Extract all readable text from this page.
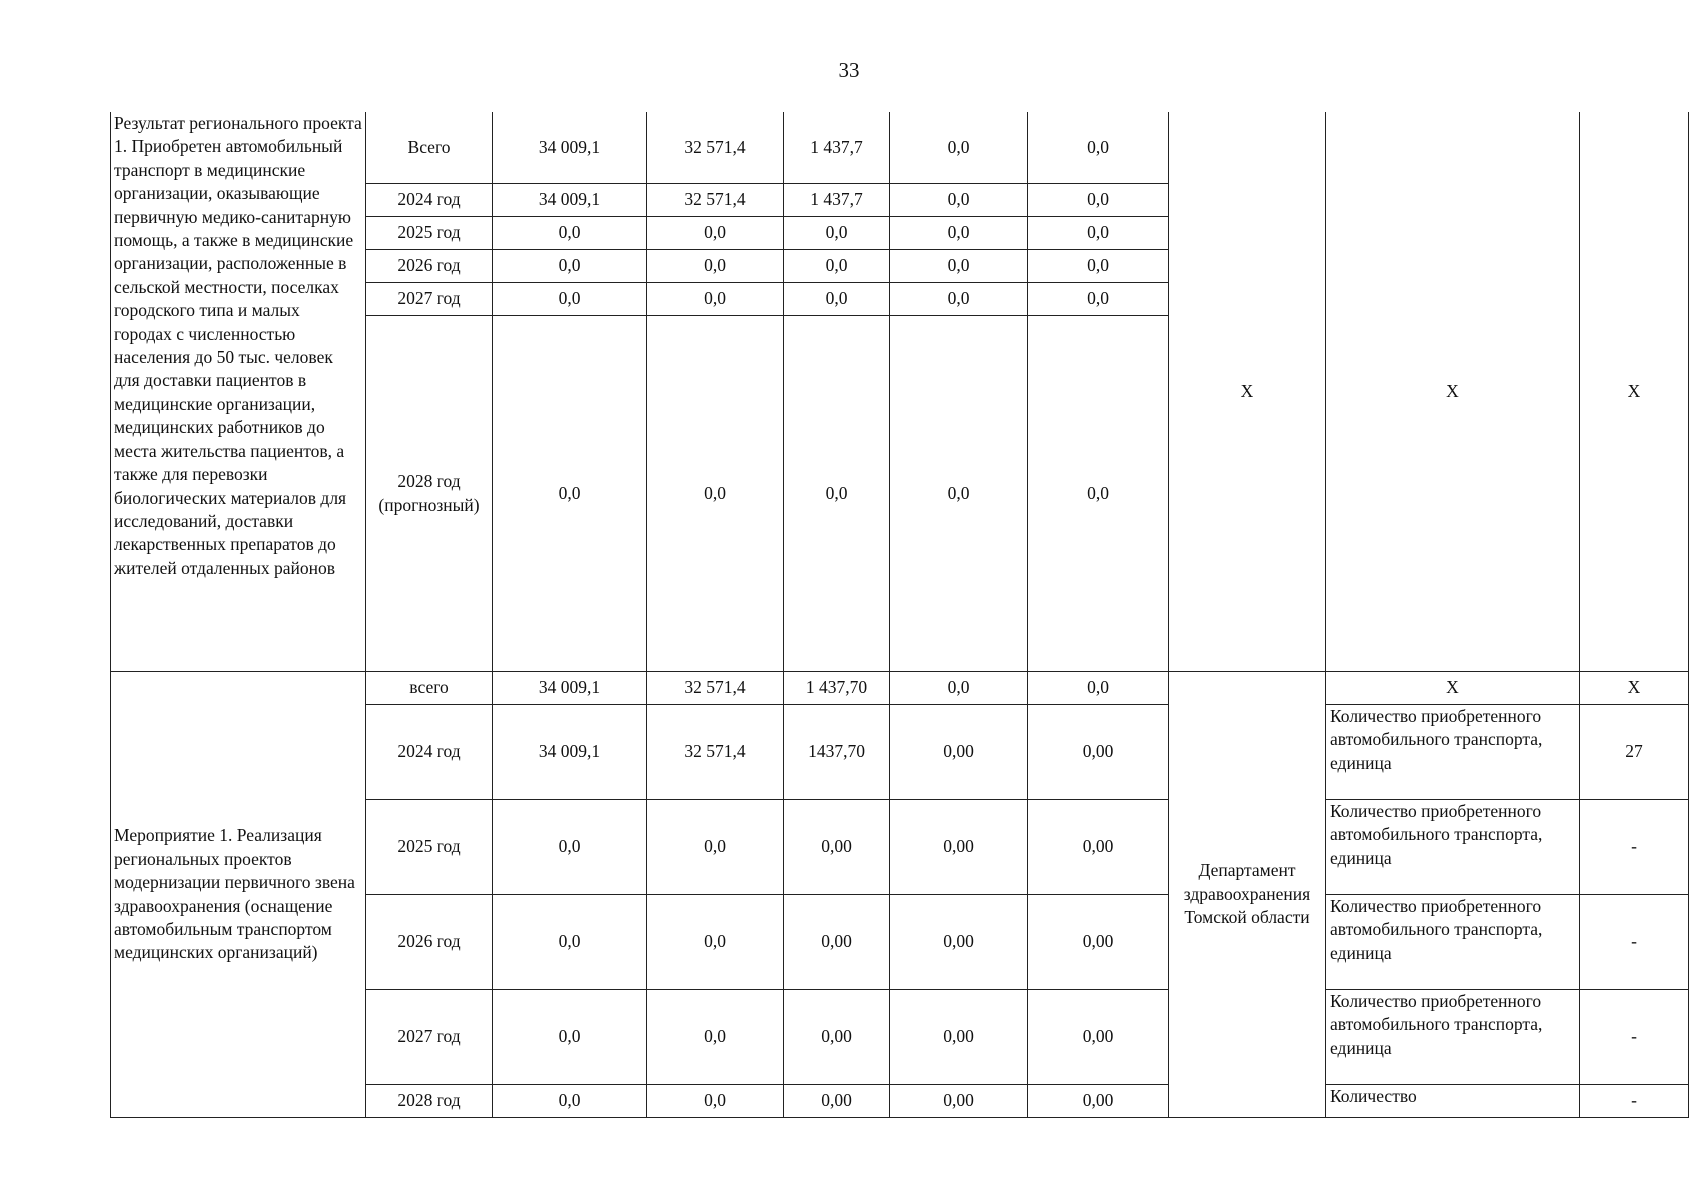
33
Результат регионального проекта 1. Приобретен автомобильный транспорт в медицинские организации, оказывающие первичную медико-санитарную помощь, а также в медицинские организации, расположенные в сельской местности, поселках городского типа и малых городах с численностью населения до 50 тыс. человек для доставки пациентов в медицинские организации, медицинских работников до места жительства пациентов, а также для перевозки биологических материалов для исследований, доставки лекарственных препаратов до жителей отдаленных районов	Всего	34 009,1	32 571,4	1 437,7	0,0	0,0	Х	Х	Х
	2024 год	34 009,1	32 571,4	1 437,7	0,0	0,0			
	2025 год	0,0	0,0	0,0	0,0	0,0			
	2026 год	0,0	0,0	0,0	0,0	0,0			
	2027 год	0,0	0,0	0,0	0,0	0,0			
	2028 год (прогнозный)	0,0	0,0	0,0	0,0	0,0			
Мероприятие 1. Реализация региональных проектов модернизации первичного звена здравоохранения (оснащение автомобильным транспортом медицинских организаций)	всего	34 009,1	32 571,4	1 437,70	0,0	0,0	Департамент здравоохранения Томской области	Х	Х
	2024 год	34 009,1	32 571,4	1437,70	0,00	0,00		Количество приобретенного автомобильного транспорта, единица	27
	2025 год	0,0	0,0	0,00	0,00	0,00		Количество приобретенного автомобильного транспорта, единица	-
	2026 год	0,0	0,0	0,00	0,00	0,00		Количество приобретенного автомобильного транспорта, единица	-
	2027 год	0,0	0,0	0,00	0,00	0,00		Количество приобретенного автомобильного транспорта, единица	-
	2028 год	0,0	0,0	0,00	0,00	0,00		Количество	-
